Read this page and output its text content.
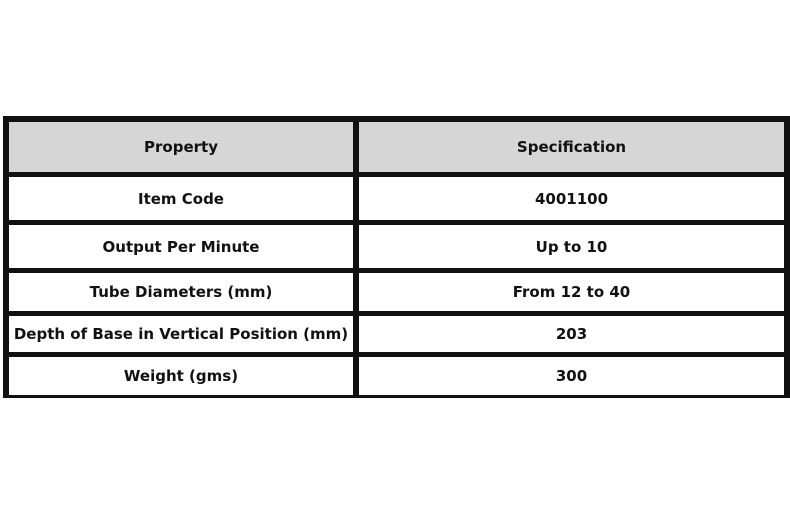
Property	Specification
Item Code	4001100
Output Per Minute	Up to 10
Tube Diameters (mm)	From 12 to 40
Depth of Base in Vertical Position (mm)	203
Weight (gms)	300
